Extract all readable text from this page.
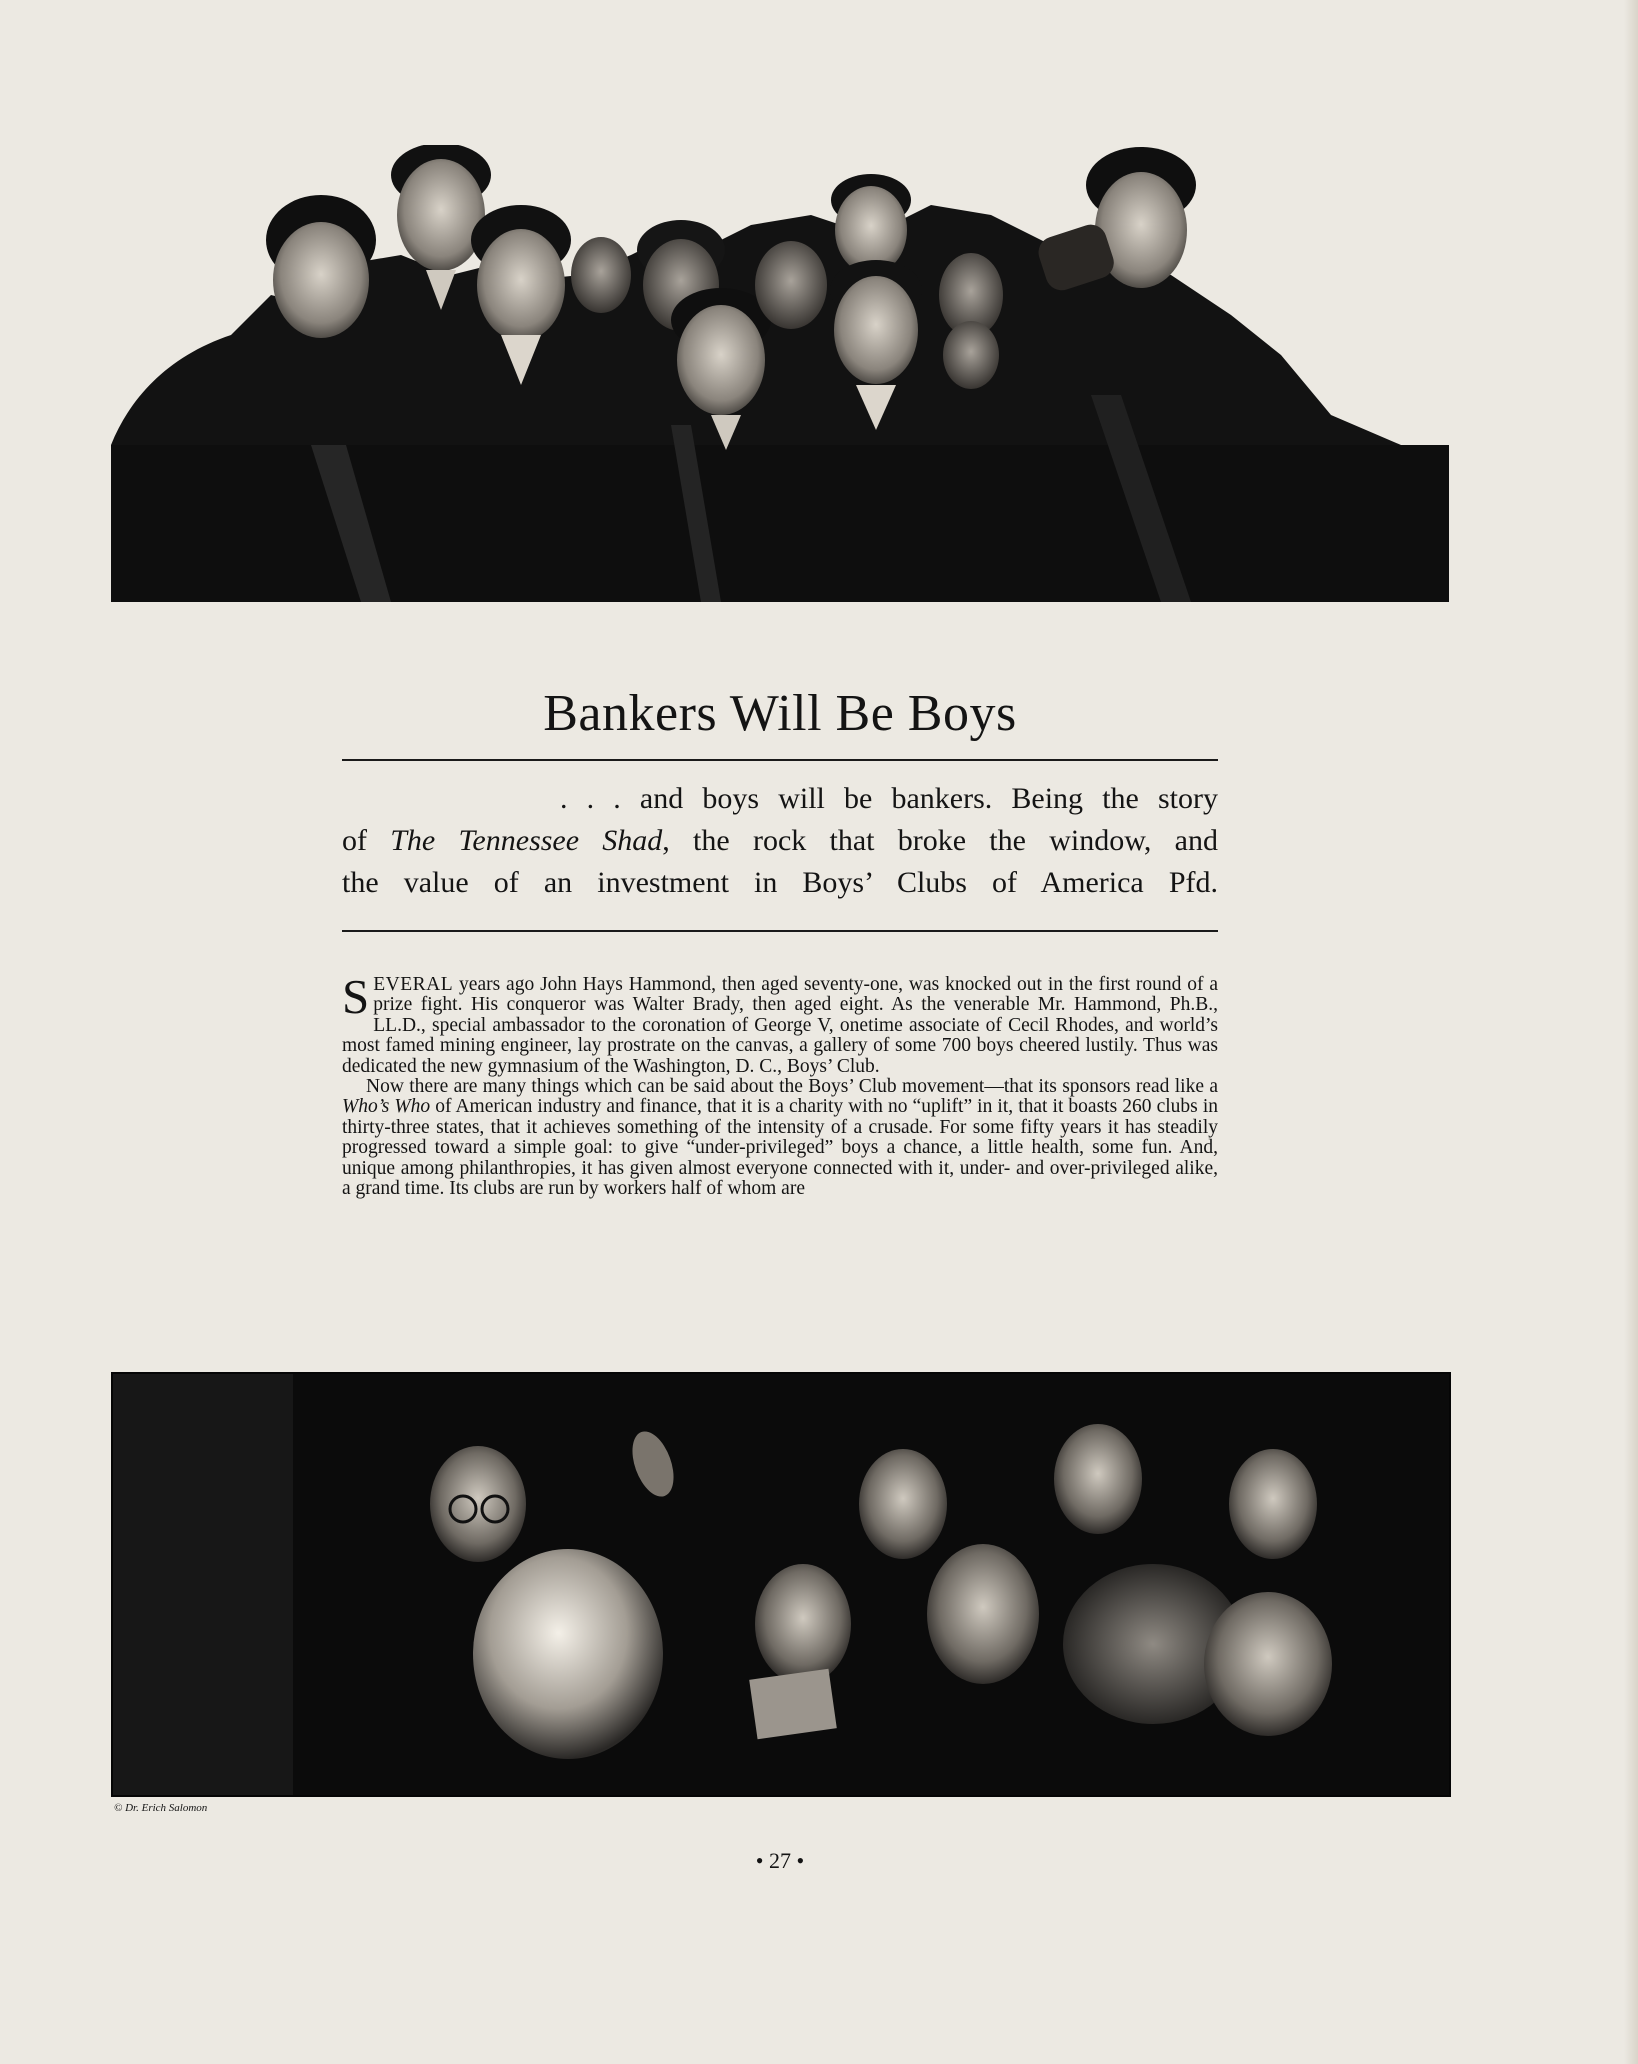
Bankers Will Be Boys

. . . and boys will be bankers. Being the story

of The Tennessee Shad, the rock that broke the window, and

the value of an investment in Boys’ Clubs of America Pfd.

SEVERAL years ago John Hays Hammond, then aged seventy-one, was knocked out in the first round of a prize fight. His conqueror was Walter Brady, then aged eight. As the venerable Mr. Hammond, Ph.B., LL.D., special ambassador to the coronation of George V, onetime associate of Cecil Rhodes, and world’s most famed mining engineer, lay prostrate on the canvas, a gallery of some 700 boys cheered lustily. Thus was dedicated the new gymnasium of the Washington, D. C., Boys’ Club.

Now there are many things which can be said about the Boys’ Club movement—that its sponsors read like a Who’s Who of American industry and finance, that it is a charity with no “uplift” in it, that it boasts 260 clubs in thirty-three states, that it achieves something of the intensity of a crusade. For some fifty years it has steadily progressed toward a simple goal: to give “under-privileged” boys a chance, a little health, some fun. And, unique among philanthropies, it has given almost everyone connected with it, under- and over-privileged alike, a grand time. Its clubs are run by workers half of whom are

© Dr. Erich Salomon
• 27 •
